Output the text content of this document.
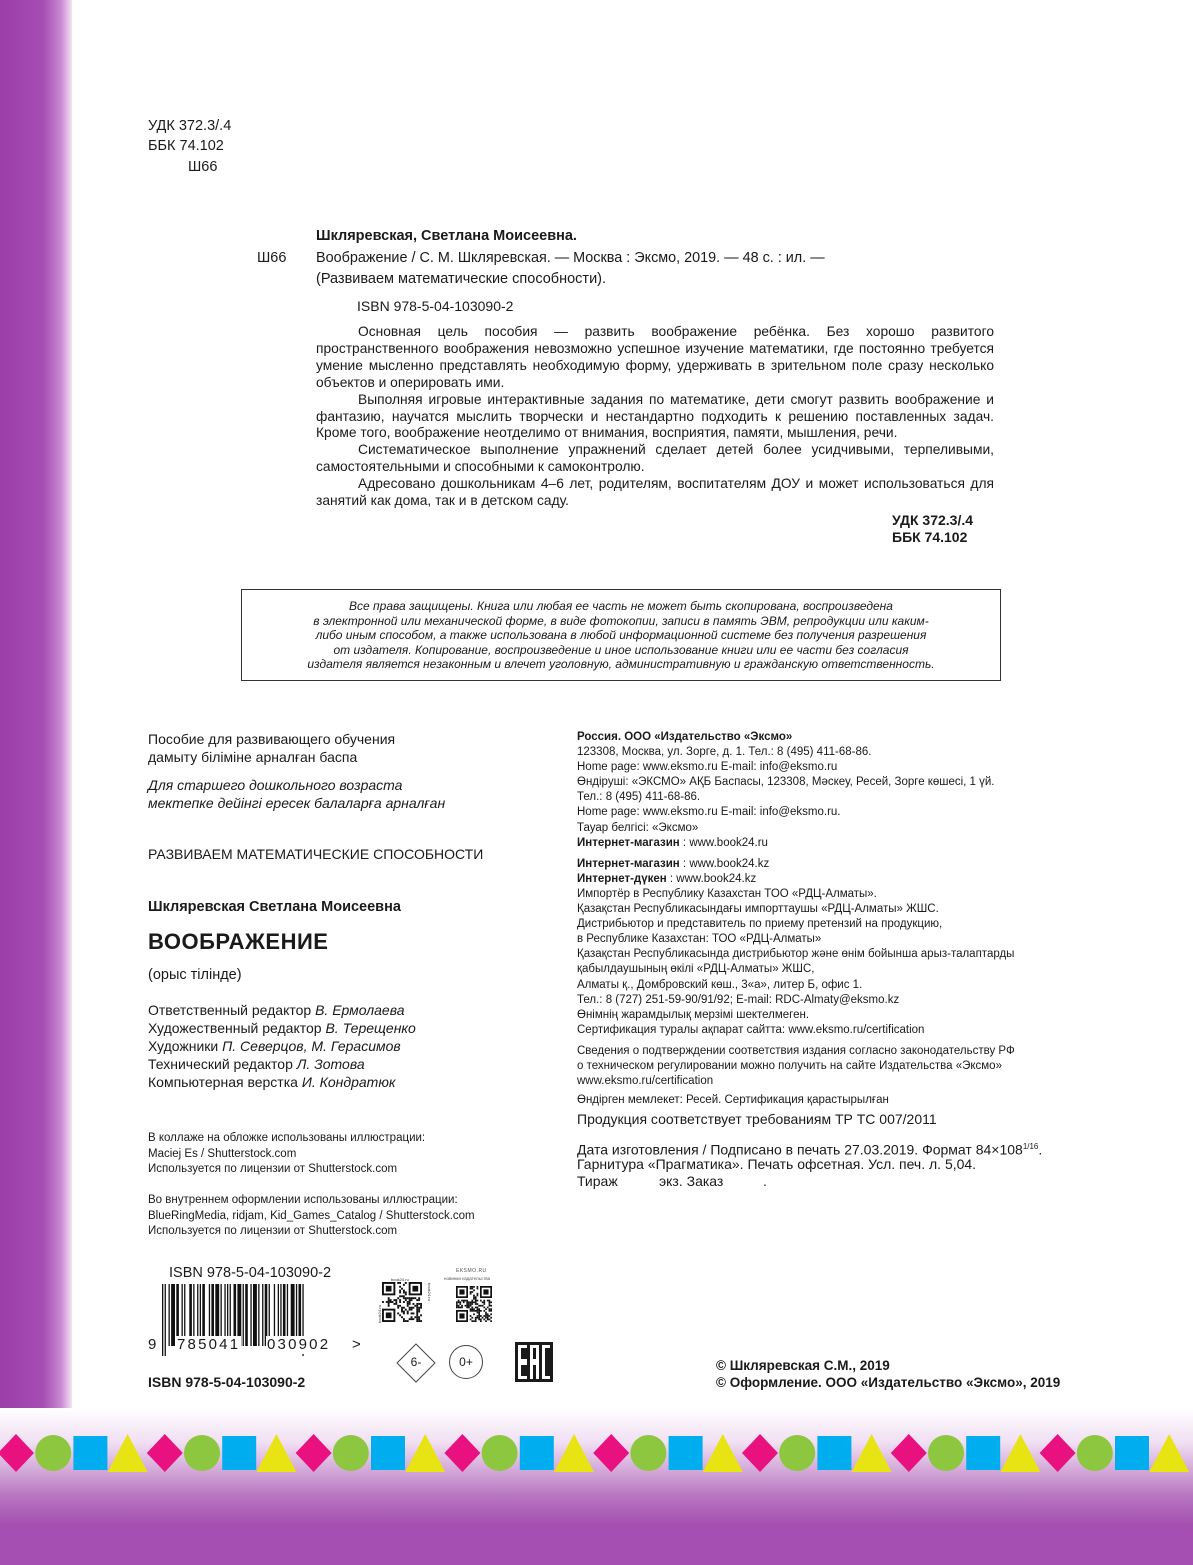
УДК 372.3/.4
ББК 74.102
Ш66
Шкляревская, Светлана Моисеевна.
Ш66 Воображение / С. М. Шкляревская. — Москва : Эксмо, 2019. — 48 с. : ил. —
(Развиваем математические способности).
ISBN 978-5-04-103090-2

Основная цель пособия — развить воображение ребёнка. Без хорошо развитого пространственного воображения невозможно успешное изучение математики, где постоянно требуется умение мысленно представлять необходимую форму, удерживать в зрительном поле сразу несколько объектов и оперировать ими.

Выполняя игровые интерактивные задания по математике, дети смогут развить воображение и фантазию, научатся мыслить творчески и нестандартно подходить к решению поставленных задач. Кроме того, воображение неотделимо от внимания, восприятия, памяти, мышления, речи.

Систематическое выполнение упражнений сделает детей более усидчивыми, терпеливыми, самостоятельными и способными к самоконтролю.

Адресовано дошкольникам 4–6 лет, родителям, воспитателям ДОУ и может использоваться для занятий как дома, так и в детском саду.

УДК 372.3/.4
ББК 74.102
Все права защищены. Книга или любая ее часть не может быть скопирована, воспроизведена
в электронной или механической форме, в виде фотокопии, записи в память ЭВМ, репродукции или каким-
либо иным способом, а также использована в любой информационной системе без получения разрешения
от издателя. Копирование, воспроизведение и иное использование книги или ее части без согласия
издателя является незаконным и влечет уголовную, административную и гражданскую ответственность.
Пособие для развивающего обучения
дамыту біліміне арналған баспа
Для старшего дошкольного возраста
мектепке дейінгі ересек балаларға арналған
РАЗВИВАЕМ МАТЕМАТИЧЕСКИЕ СПОСОБНОСТИ
Шкляревская Светлана Моисеевна
ВООБРАЖЕНИЕ
(орыс тілінде)
Ответственный редактор В. Ермолаева
Художественный редактор В. Терещенко
Художники П. Северцов, М. Герасимов
Технический редактор Л. Зотова
Компьютерная верстка И. Кондратюк
В коллаже на обложке использованы иллюстрации:
Maciej Es / Shutterstock.com
Используется по лицензии от Shutterstock.com
Во внутреннем оформлении использованы иллюстрации:
BlueRingMedia, ridjam, Kid_Games_Catalog / Shutterstock.com
Используется по лицензии от Shutterstock.com
Россия. ООО «Издательство «Эксмо»
123308, Москва, ул. Зорге, д. 1. Тел.: 8 (495) 411-68-86.
Home page: www.eksmo.ru E-mail: info@eksmo.ru
Өндіруші: «ЭКСМО» АҚБ Баспасы, 123308, Мәскеу, Ресей, Зорге көшесі, 1 үй.
Тел.: 8 (495) 411-68-86.
Home page: www.eksmo.ru E-mail: info@eksmo.ru.
Тауар белгісі: «Эксмо»
Интернет-магазин : www.book24.ru
Интернет-магазин : www.book24.kz
Интернет-дүкен : www.book24.kz
Импортёр в Республику Казахстан ТОО «РДЦ-Алматы».
Қазақстан Республикасындағы импорттаушы «РДЦ-Алматы» ЖШС.
Дистрибьютор и представитель по приему претензий на продукцию,
в Республике Казахстан: ТОО «РДЦ-Алматы»
Қазақстан Республикасында дистрибьютор және өнім бойынша арыз-талаптарды
қабылдаушының өкілі «РДЦ-Алматы» ЖШС,
Алматы қ., Домбровский көш., 3«а», литер Б, офис 1.
Тел.: 8 (727) 251-59-90/91/92; E-mail: RDC-Almaty@eksmo.kz
Өнімнің жарамдылық мерзімі шектелмеген.
Сертификация туралы ақпарат сайтта: www.eksmo.ru/certification
Сведения о подтверждении соответствия издания согласно законодательству РФ
о техническом регулировании можно получить на сайте Издательства «Эксмо»
www.eksmo.ru/certification
Өндірген мемлекет: Ресей. Сертификация қарастырылған
Продукция соответствует требованиям ТР ТС 007/2011
Дата изготовления / Подписано в печать 27.03.2019. Формат $84\times 108^{1/16}$.
Гарнитура «Прагматика». Печать офсетная. Усл. печ. л. 5,04.
Тираж	экз. Заказ	.
ISBN 978-5-04-103090-2
9 785041 030902 >
ISBN 978-5-04-103090-2
book24.ru
book24.ru
book24.ru
EKSMO.RU
новинки издательства
6-	0+	© Шкляревская С.М., 2019
© Оформление. ООО «Издательство «Эксмо», 2019
